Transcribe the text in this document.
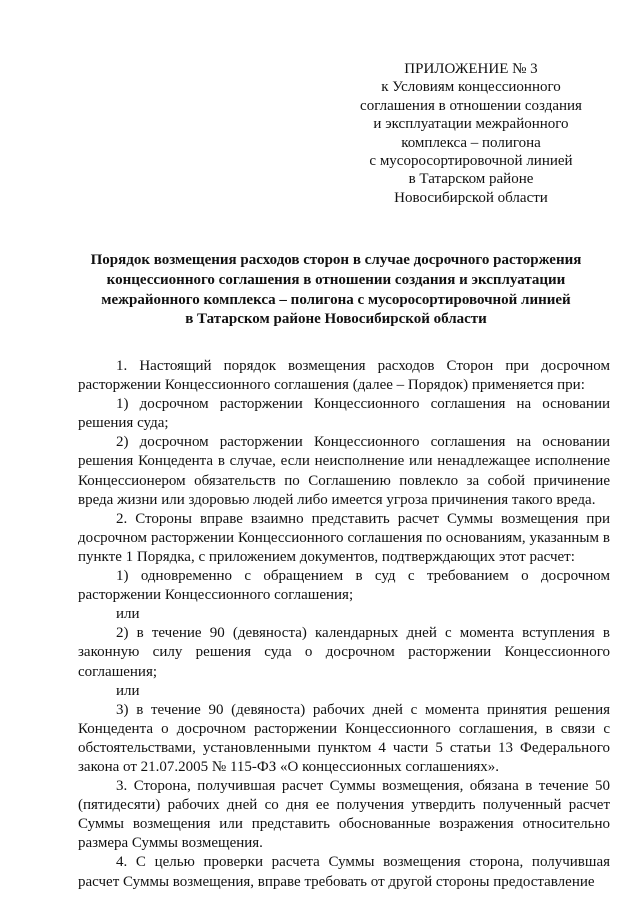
ПРИЛОЖЕНИЕ № 3
к Условиям концессионного
соглашения в отношении создания
и эксплуатации межрайонного
комплекса – полигона
с мусоросортировочной линией
в Татарском районе
Новосибирской области
Порядок возмещения расходов сторон в случае досрочного расторжения
концессионного соглашения в отношении создания и эксплуатации
межрайонного комплекса – полигона с мусоросортировочной линией
в Татарском районе Новосибирской области

1. Настоящий порядок возмещения расходов Сторон при досрочном расторжении Концессионного соглашения (далее – Порядок) применяется при:

1) досрочном расторжении Концессионного соглашения на основании решения суда;

2) досрочном расторжении Концессионного соглашения на основании решения Концедента в случае, если неисполнение или ненадлежащее исполнение Концессионером обязательств по Соглашению повлекло за собой причинение вреда жизни или здоровью людей либо имеется угроза причинения такого вреда.

2. Стороны вправе взаимно представить расчет Суммы возмещения при досрочном расторжении Концессионного соглашения по основаниям, указанным в пункте 1 Порядка, с приложением документов, подтверждающих этот расчет:

1) одновременно с обращением в суд с требованием о досрочном расторжении Концессионного соглашения;

или

2) в течение 90 (девяноста) календарных дней с момента вступления в законную силу решения суда о досрочном расторжении Концессионного соглашения;

или

3) в течение 90 (девяноста) рабочих дней с момента принятия решения Концедента о досрочном расторжении Концессионного соглашения, в связи с обстоятельствами, установленными пунктом 4 части 5 статьи 13 Федерального закона от 21.07.2005 № 115-ФЗ «О концессионных соглашениях».

3. Сторона, получившая расчет Суммы возмещения, обязана в течение 50 (пятидесяти) рабочих дней со дня ее получения утвердить полученный расчет Суммы возмещения или представить обоснованные возражения относительно размера Суммы возмещения.

4. С целью проверки расчета Суммы возмещения сторона, получившая расчет Суммы возмещения, вправе требовать от другой стороны предоставление
